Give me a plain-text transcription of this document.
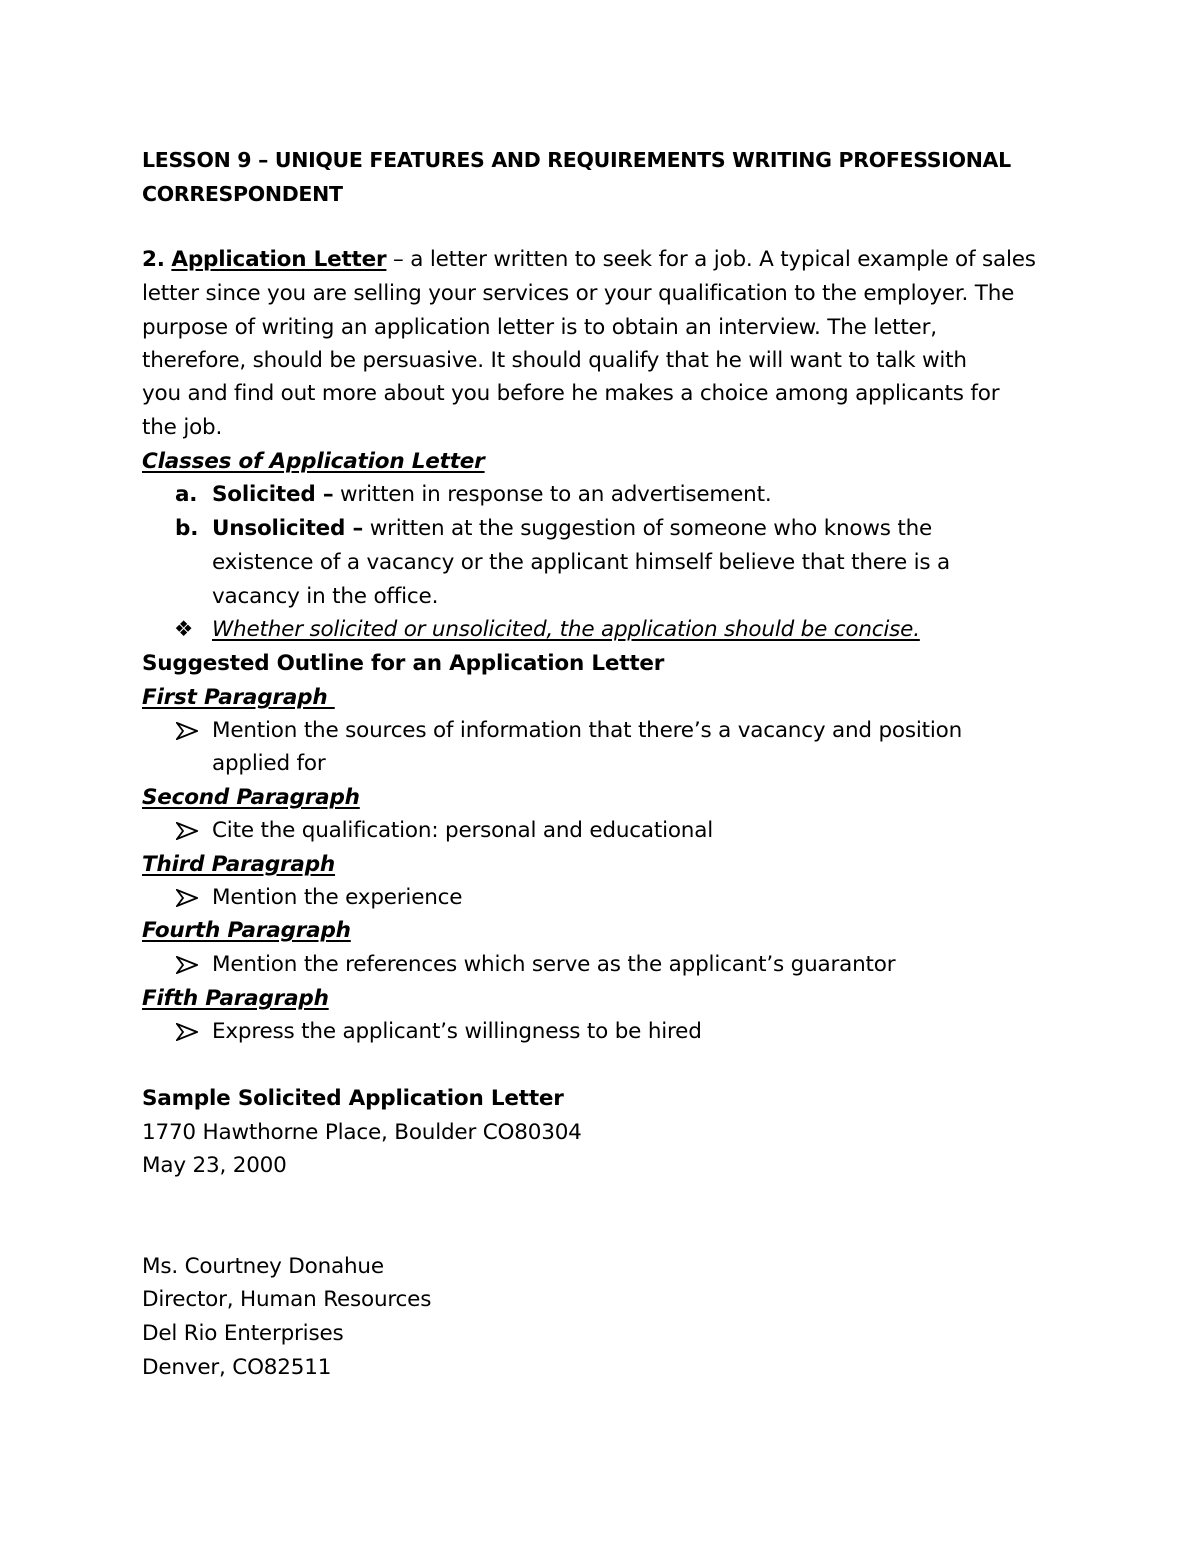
LESSON 9 – UNIQUE FEATURES AND REQUIREMENTS WRITING PROFESSIONAL
CORRESPONDENT
2. Application Letter – a letter written to seek for a job. A typical example of sales
letter since you are selling your services or your qualification to the employer. The
purpose of writing an application letter is to obtain an interview. The letter,
therefore, should be persuasive. It should qualify that he will want to talk with
you and find out more about you before he makes a choice among applicants for
the job.
Classes of Application Letter
a. Solicited – written in response to an advertisement.
b. Unsolicited – written at the suggestion of someone who knows the
existence of a vacancy or the applicant himself believe that there is a
vacancy in the office.
❖ Whether solicited or unsolicited, the application should be concise.
Suggested Outline for an Application Letter
First Paragraph
Mention the sources of information that there’s a vacancy and position
applied for
Second Paragraph
Cite the qualification: personal and educational
Third Paragraph
Mention the experience
Fourth Paragraph
Mention the references which serve as the applicant’s guarantor
Fifth Paragraph
Express the applicant’s willingness to be hired
Sample Solicited Application Letter
1770 Hawthorne Place, Boulder CO80304
May 23, 2000
Ms. Courtney Donahue
Director, Human Resources
Del Rio Enterprises
Denver, CO82511
